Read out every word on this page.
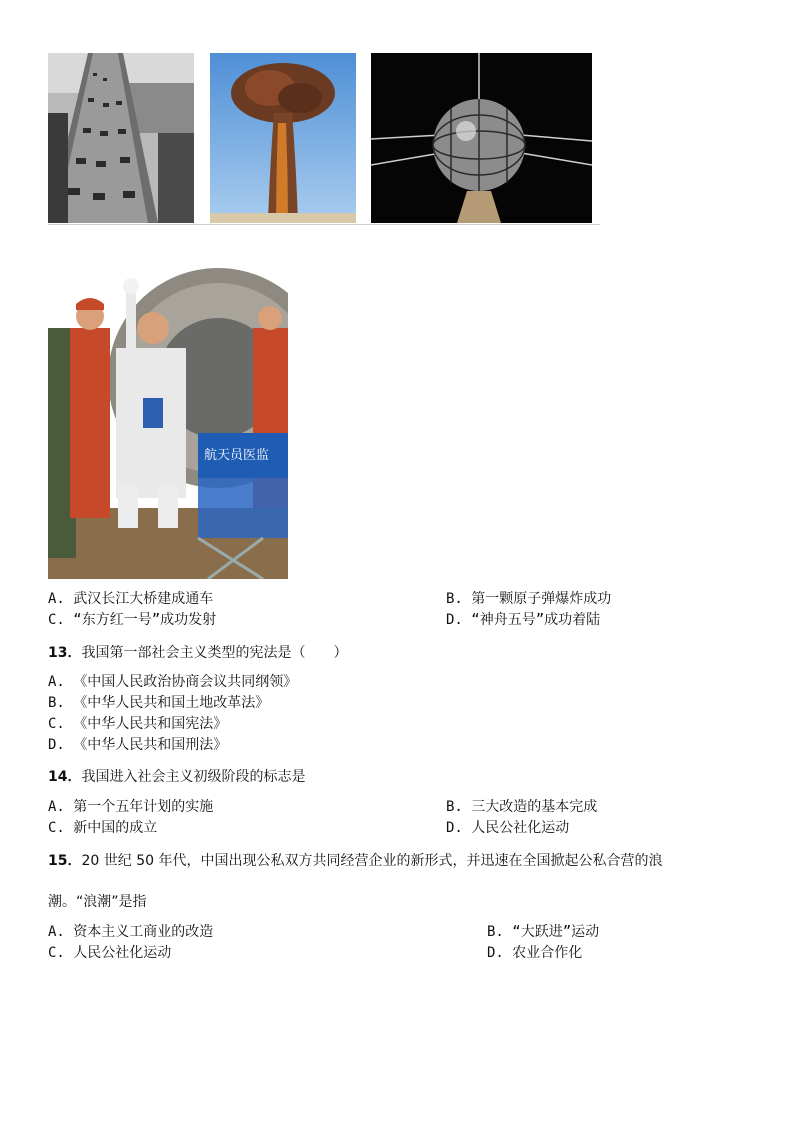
航天员医监
A. 武汉长江大桥建成通车	B. 第一颗原子弹爆炸成功
C. “东方红一号”成功发射	D. “神舟五号”成功着陆
13．我国第一部社会主义类型的宪法是（　　）
A. 《中国人民政治协商会议共同纲领》
B. 《中华人民共和国土地改革法》
C. 《中华人民共和国宪法》
D. 《中华人民共和国刑法》
14．我国进入社会主义初级阶段的标志是
A. 第一个五年计划的实施	B. 三大改造的基本完成
C. 新中国的成立	D. 人民公社化运动
15．20 世纪 50 年代，中国出现公私双方共同经营企业的新形式，并迅速在全国掀起公私合营的浪
潮。“浪潮”是指
A. 资本主义工商业的改造	B. “大跃进”运动
C. 人民公社化运动	D. 农业合作化
